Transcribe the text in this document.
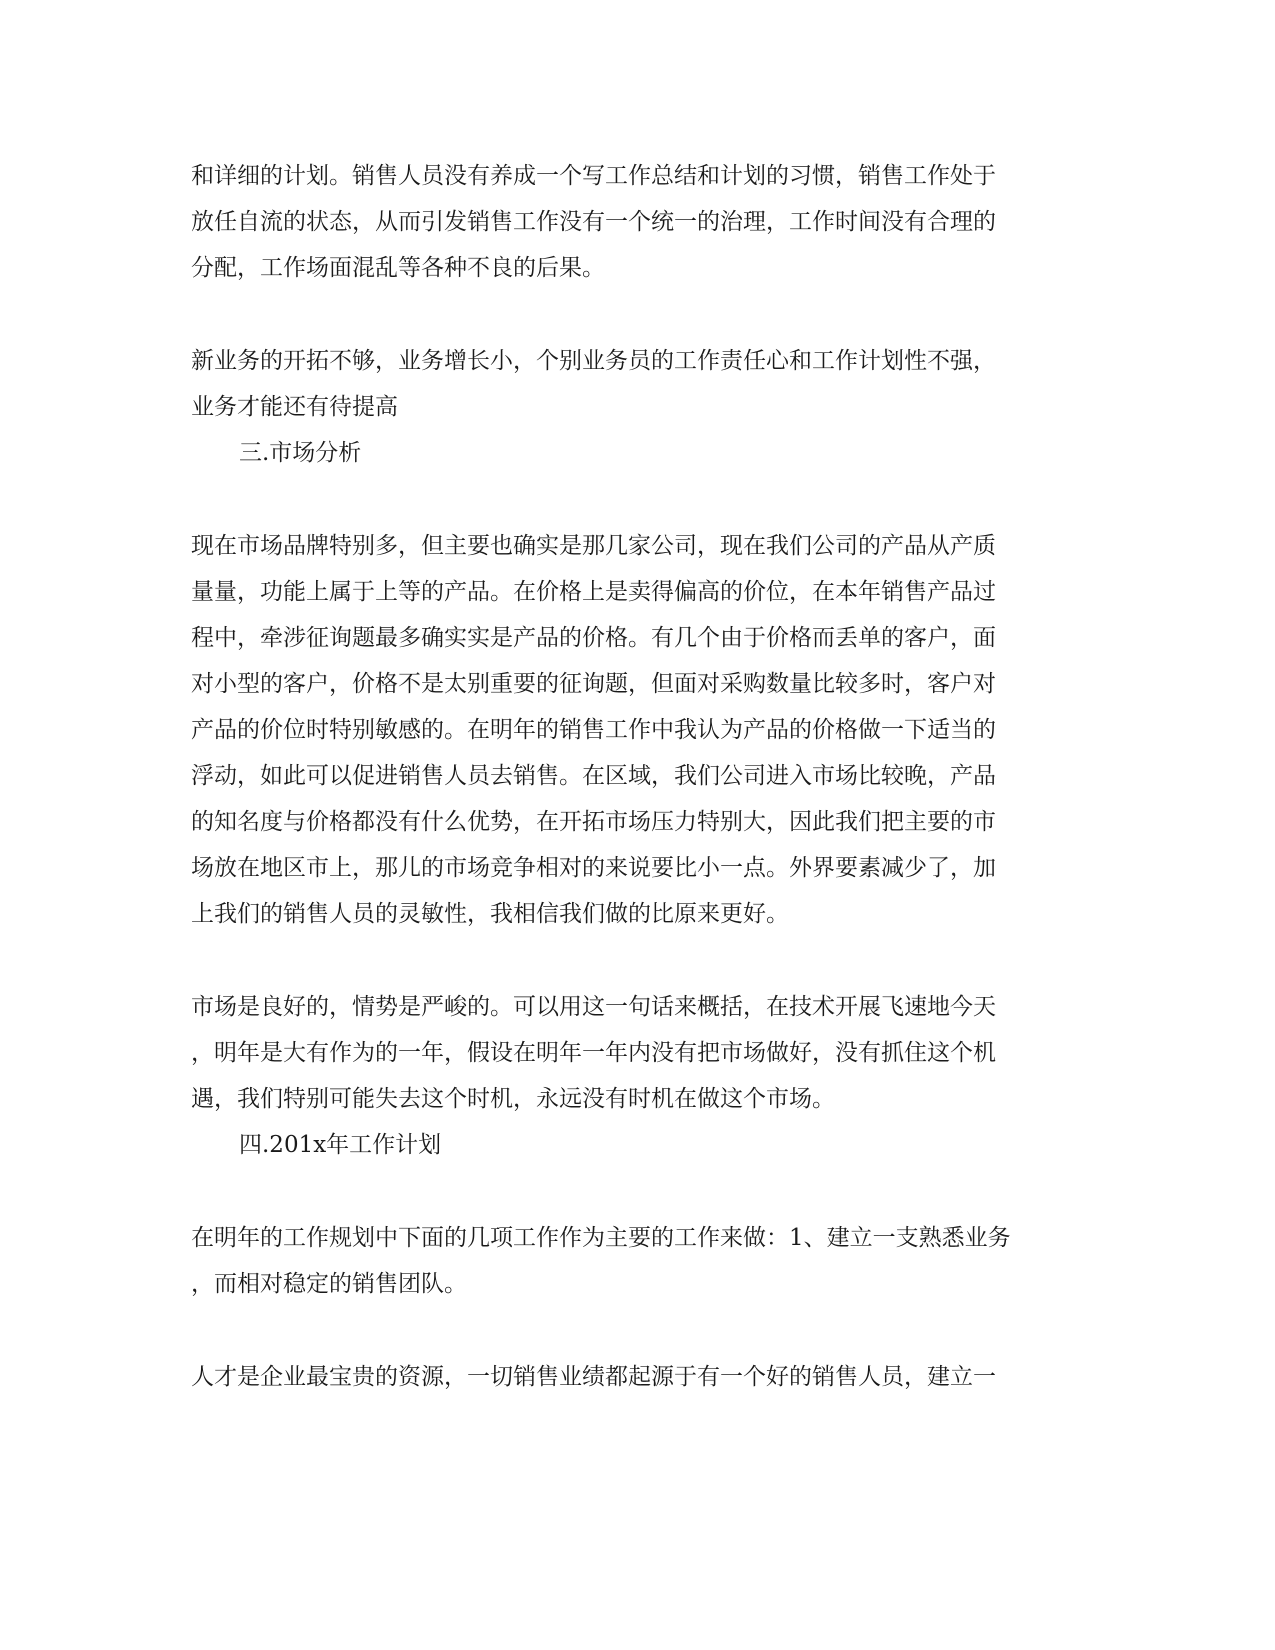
和详细的计划。销售人员没有养成一个写工作总结和计划的习惯，销售工作处于
放任自流的状态，从而引发销售工作没有一个统一的治理，工作时间没有合理的
分配，工作场面混乱等各种不良的后果。
新业务的开拓不够，业务增长小，个别业务员的工作责任心和工作计划性不强，
业务才能还有待提高
三.市场分析
现在市场品牌特别多，但主要也确实是那几家公司，现在我们公司的产品从产质
量量，功能上属于上等的产品。在价格上是卖得偏高的价位，在本年销售产品过
程中，牵涉征询题最多确实实是产品的价格。有几个由于价格而丢单的客户，面
对小型的客户，价格不是太别重要的征询题，但面对采购数量比较多时，客户对
产品的价位时特别敏感的。在明年的销售工作中我认为产品的价格做一下适当的
浮动，如此可以促进销售人员去销售。在区域，我们公司进入市场比较晚，产品
的知名度与价格都没有什么优势，在开拓市场压力特别大，因此我们把主要的市
场放在地区市上，那儿的市场竞争相对的来说要比小一点。外界要素减少了，加
上我们的销售人员的灵敏性，我相信我们做的比原来更好。
市场是良好的，情势是严峻的。可以用这一句话来概括，在技术开展飞速地今天
，明年是大有作为的一年，假设在明年一年内没有把市场做好，没有抓住这个机
遇，我们特别可能失去这个时机，永远没有时机在做这个市场。
四.201x年工作计划
在明年的工作规划中下面的几项工作作为主要的工作来做：1、建立一支熟悉业务
，而相对稳定的销售团队。
人才是企业最宝贵的资源，一切销售业绩都起源于有一个好的销售人员，建立一
